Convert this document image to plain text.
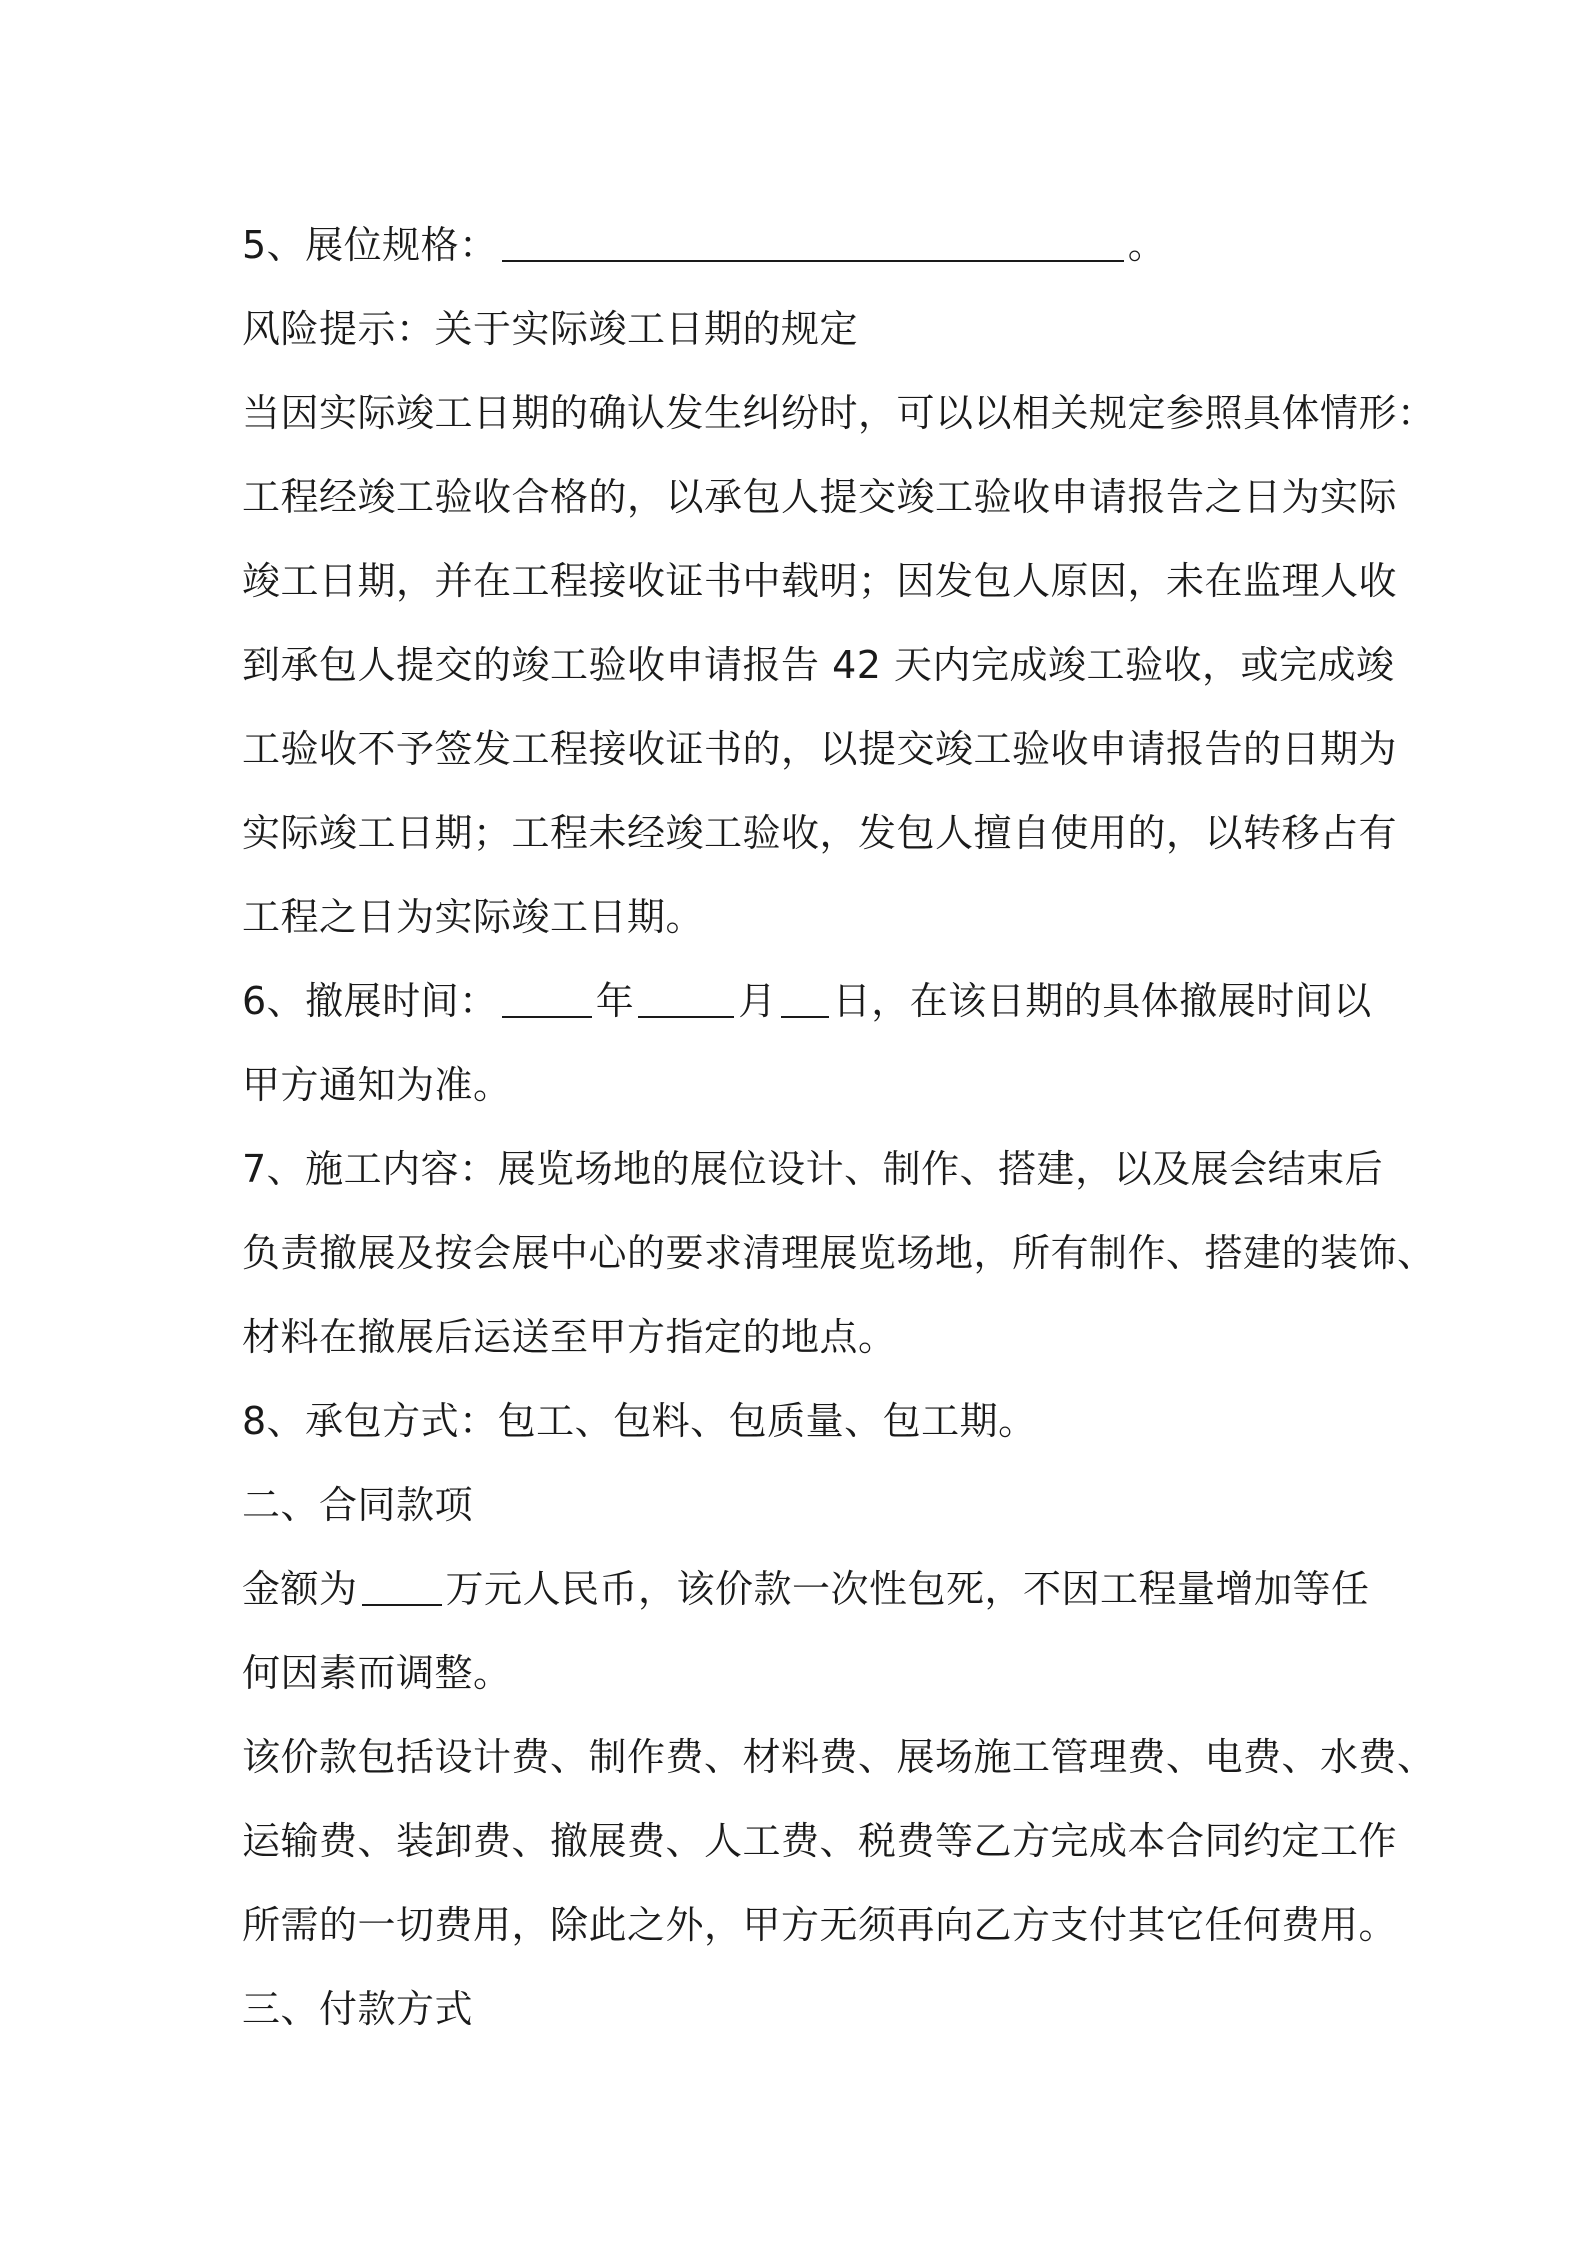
5、展位规格：	。
风险提示：关于实际竣工日期的规定
当因实际竣工日期的确认发生纠纷时，可以以相关规定参照具体情形：
工程经竣工验收合格的，以承包人提交竣工验收申请报告之日为实际
竣工日期，并在工程接收证书中载明；因发包人原因，未在监理人收
到承包人提交的竣工验收申请报告 42 天内完成竣工验收，或完成竣
工验收不予签发工程接收证书的，以提交竣工验收申请报告的日期为
实际竣工日期；工程未经竣工验收，发包人擅自使用的，以转移占有
工程之日为实际竣工日期。
6、撤展时间：	年	月 日，在该日期的具体撤展时间以
甲方通知为准。
7、施工内容：展览场地的展位设计、制作、搭建，以及展会结束后
负责撤展及按会展中心的要求清理展览场地，所有制作、搭建的装饰、
材料在撤展后运送至甲方指定的地点。
8、承包方式：包工、包料、包质量、包工期。
二、合同款项
金额为 万元人民币，该价款一次性包死，不因工程量增加等任
何因素而调整。
该价款包括设计费、制作费、材料费、展场施工管理费、电费、水费、
运输费、装卸费、撤展费、人工费、税费等乙方完成本合同约定工作
所需的一切费用，除此之外，甲方无须再向乙方支付其它任何费用。
三、付款方式
